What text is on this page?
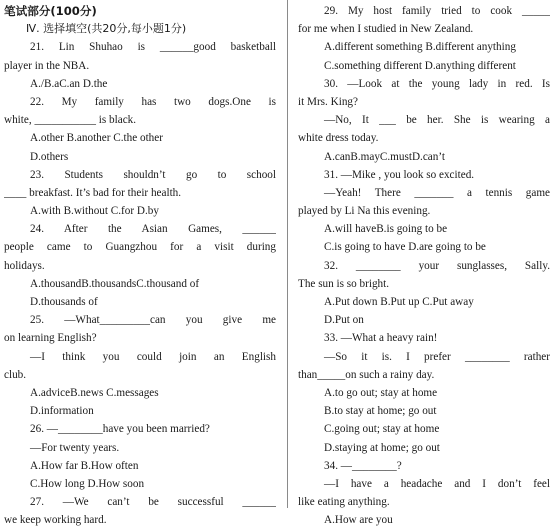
笔试部分(100分)
Ⅳ. 选择填空(共20分,每小题1分)
21. Lin Shuhao is ______good basketball
player in the NBA.
A./B.aC.an D.the
22. My family has two dogs.One is
white, ___________ is black.
A.other B.another C.the other
D.others
23. Students shouldn’t go to school
____ breakfast. It’s bad for their health.
A.with B.without C.for D.by
24. After the Asian Games, ______
people came to Guangzhou for a visit during
holidays.
A.thousandB.thousandsC.thousand of
D.thousands of
25. —What_________can you give me
on learning English?
—I think you could join an English
club.
A.adviceB.news C.messages
D.information
26. —________have you been married?
—For twenty years.
A.How far B.How often
C.How long D.How soon
27. —We can’t be successful ______
we keep working hard.
29. My host family tried to cook _____
for me when I studied in New Zealand.
A.different something B.different anything
C.something different D.anything different
30. —Look at the young lady in red. Is
it Mrs. King?
—No, It ___ be her. She is wearing a
white dress today.
A.canB.mayC.mustD.can’t
31. —Mike , you look so excited.
—Yeah! There _______ a tennis game
played by Li Na this evening.
A.will haveB.is going to be
C.is going to have D.are going to be
32. ________ your sunglasses, Sally.
The sun is so bright.
A.Put down B.Put up C.Put away
D.Put on
33. —What a heavy rain!
—So it is. I prefer ________ rather
than_____on such a rainy day.
A.to go out; stay at home
B.to stay at home; go out
C.going out; stay at home
D.staying at home; go out
34. —________?
—I have a headache and I don’t feel
like eating anything.
A.How are you
